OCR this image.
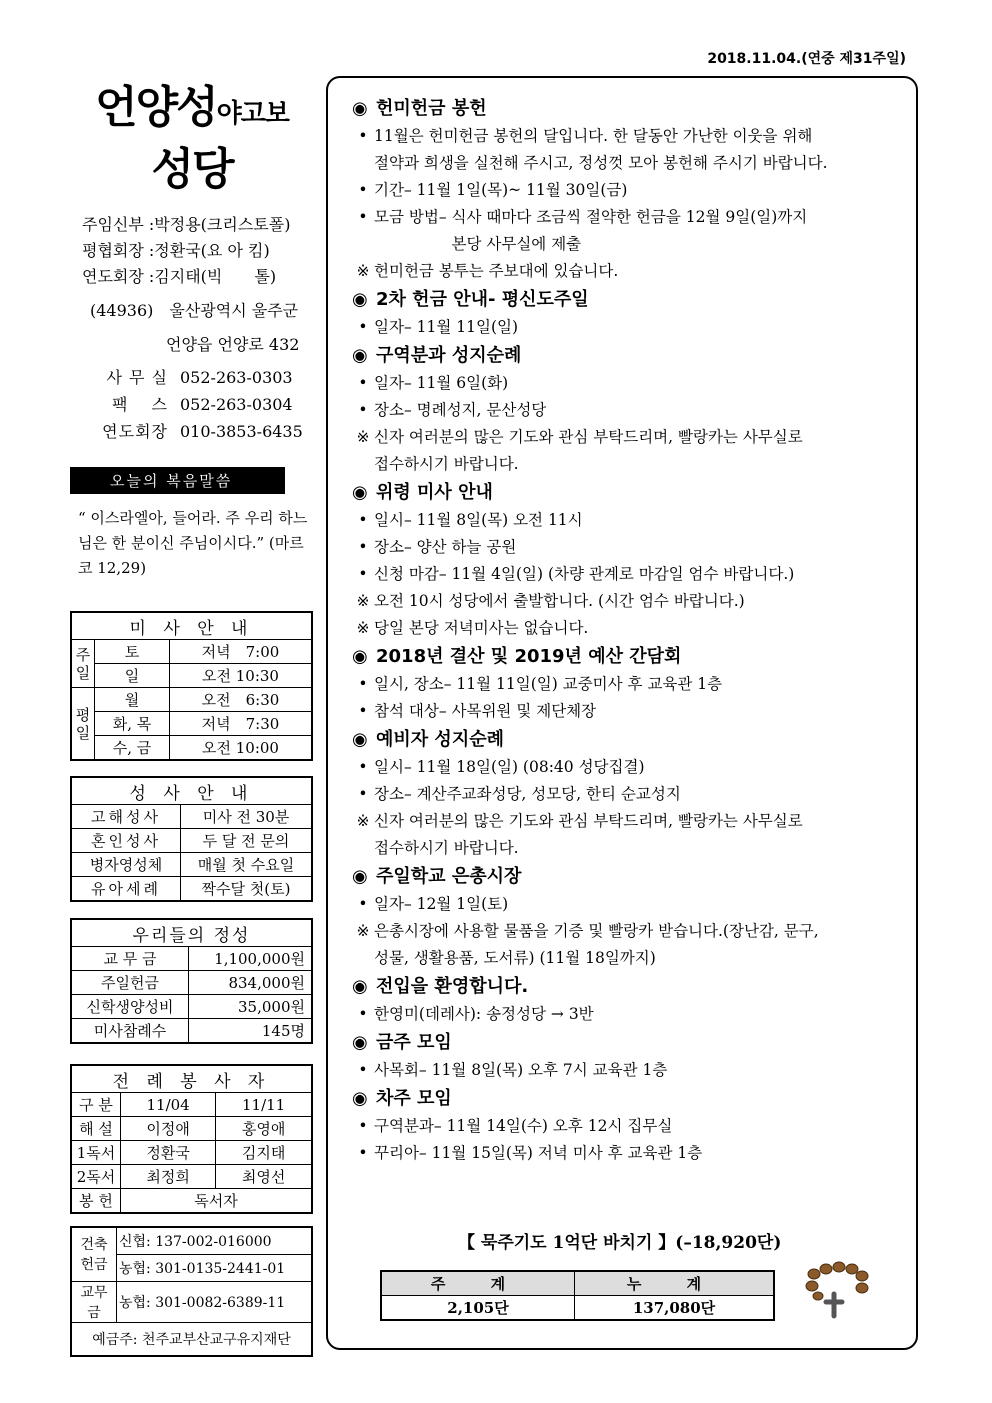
2018.11.04.(연중 제31주일)
언양성야고보
성당
주임신부 :박정용(크리스토폴)
평협회장 :정환국(요 아 킴)
연도회장 :김지태(빅　　톨)
(44936)　울산광역시 울주군
언양읍 언양로 432
사 무 실 052-263-0303
팩　 스 052-263-0304
연도회장 010-3853-6435
오늘의 복음말씀
“ 이스라엘아, 들어라. 주 우리 하느님은 한 분이신 주님이시다.” (마르코 12,29)
미 사 안 내		
주일	토	저녁　7:00
	일	오전 10:30
평일	월	오전　6:30
	화, 목	저녁　7:30
	수, 금	오전 10:00
성 사 안 내	
고해성사	미사 전 30분
혼인성사	두 달 전 문의
병자영성체	매월 첫 수요일
유아세례	짝수달 첫(토)
우리들의 정성	
교 무 금	1,100,000원
주일헌금	834,000원
신학생양성비	35,000원
미사참례수	145명
전 례 봉 사 자		
구 분	11/04	11/11
해 설	이정애	홍영애
1독서	정환국	김지태
2독서	최정희	최영선
봉 헌	독서자	
건축헌금	신협: 137-002-016000
	농협: 301-0135-2441-01
교무금	농협: 301-0082-6389-11
예금주: 천주교부산교구유지재단	
◉ 헌미헌금 봉헌
• 11월은 헌미헌금 봉헌의 달입니다. 한 달동안 가난한 이웃을 위해
절약과 희생을 실천해 주시고, 정성껏 모아 봉헌해 주시기 바랍니다.
• 기간– 11월 1일(목)~ 11월 30일(금)
• 모금 방법– 식사 때마다 조금씩 절약한 헌금을 12월 9일(일)까지
　　　　　본당 사무실에 제출
※ 헌미헌금 봉투는 주보대에 있습니다.
◉ 2차 헌금 안내- 평신도주일
• 일자– 11월 11일(일)
◉ 구역분과 성지순례
• 일자– 11월 6일(화)
• 장소– 명례성지, 문산성당
※ 신자 여러분의 많은 기도와 관심 부탁드리며, 빨랑카는 사무실로
접수하시기 바랍니다.
◉ 위령 미사 안내
• 일시– 11월 8일(목) 오전 11시
• 장소– 양산 하늘 공원
• 신청 마감– 11월 4일(일) (차량 관계로 마감일 엄수 바랍니다.)
※ 오전 10시 성당에서 출발합니다. (시간 엄수 바랍니다.)
※ 당일 본당 저녁미사는 없습니다.
◉ 2018년 결산 및 2019년 예산 간담회
• 일시, 장소– 11월 11일(일) 교중미사 후 교육관 1층
• 참석 대상– 사목위원 및 제단체장
◉ 예비자 성지순례
• 일시– 11월 18일(일) (08:40 성당집결)
• 장소– 계산주교좌성당, 성모당, 한티 순교성지
※ 신자 여러분의 많은 기도와 관심 부탁드리며, 빨랑카는 사무실로
접수하시기 바랍니다.
◉ 주일학교 은총시장
• 일자– 12월 1일(토)
※ 은총시장에 사용할 물품을 기증 및 빨랑카 받습니다.(장난감, 문구,
성물, 생활용품, 도서류) (11월 18일까지)
◉ 전입을 환영합니다.
• 한영미(데레사): 송정성당 → 3반
◉ 금주 모임
• 사목회– 11월 8일(목) 오후 7시 교육관 1층
◉ 차주 모임
• 구역분과– 11월 14일(수) 오후 12시 집무실
• 꾸리아– 11월 15일(목) 저녁 미사 후 교육관 1층
【 묵주기도 1억단 바치기 】(–18,920단)
주 계	누 계
2,105단	137,080단
